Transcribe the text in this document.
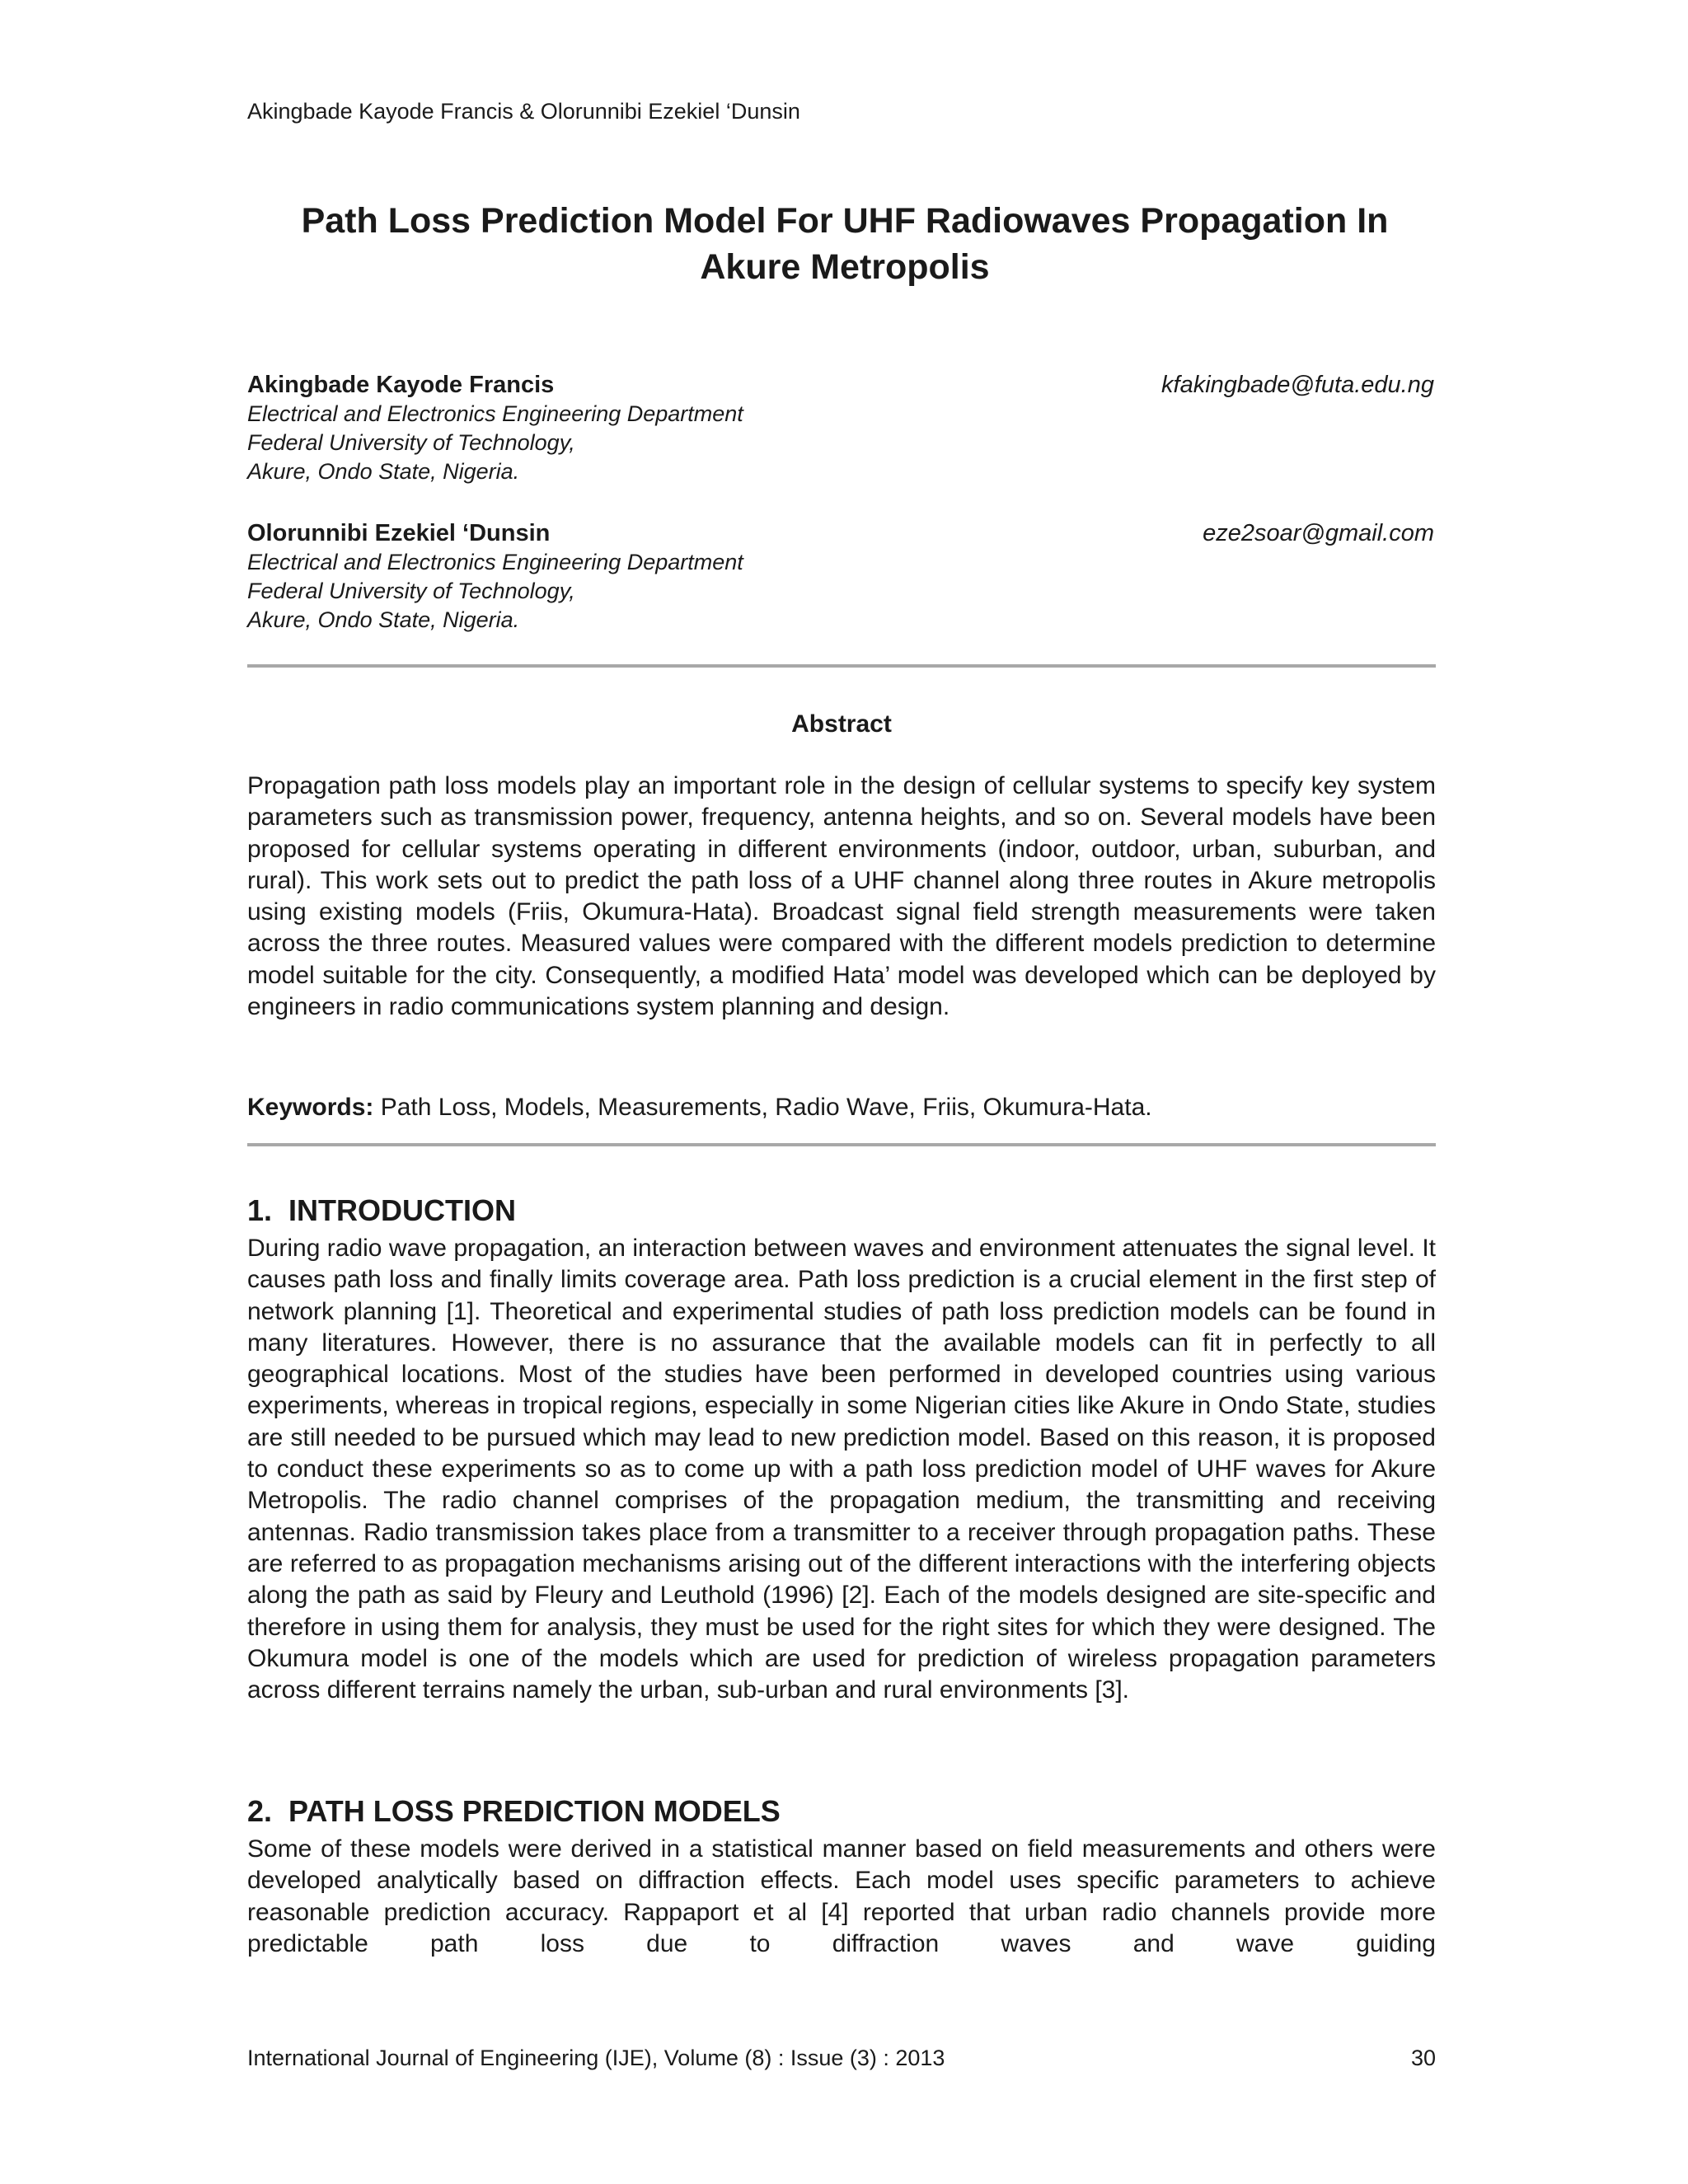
Akingbade Kayode Francis & Olorunnibi Ezekiel ‘Dunsin
Path Loss Prediction Model For UHF Radiowaves Propagation In
Akure Metropolis
Akingbade Kayode Francis
Electrical and Electronics Engineering Department
Federal University of Technology,
Akure, Ondo State, Nigeria.
kfakingbade@futa.edu.ng
Olorunnibi Ezekiel ‘Dunsin
Electrical and Electronics Engineering Department
Federal University of Technology,
Akure, Ondo State, Nigeria.
eze2soar@gmail.com
Abstract

Propagation path loss models play an important role in the design of cellular systems to specify key system parameters such as transmission power, frequency, antenna heights, and so on. Several models have been proposed for cellular systems operating in different environments (indoor, outdoor, urban, suburban, and rural). This work sets out to predict the path loss of a UHF channel along three routes in Akure metropolis using existing models (Friis, Okumura-Hata). Broadcast signal field strength measurements were taken across the three routes. Measured values were compared with the different models prediction to determine model suitable for the city. Consequently, a modified Hata’ model was developed which can be deployed by engineers in radio communications system planning and design.

Keywords: Path Loss, Models, Measurements, Radio Wave, Friis, Okumura-Hata.

1. INTRODUCTION

During radio wave propagation, an interaction between waves and environment attenuates the signal level. It causes path loss and finally limits coverage area. Path loss prediction is a crucial element in the first step of network planning [1]. Theoretical and experimental studies of path loss prediction models can be found in many literatures. However, there is no assurance that the available models can fit in perfectly to all geographical locations. Most of the studies have been performed in developed countries using various experiments, whereas in tropical regions, especially in some Nigerian cities like Akure in Ondo State, studies are still needed to be pursued which may lead to new prediction model. Based on this reason, it is proposed to conduct these experiments so as to come up with a path loss prediction model of UHF waves for Akure Metropolis. The radio channel comprises of the propagation medium, the transmitting and receiving antennas. Radio transmission takes place from a transmitter to a receiver through propagation paths. These are referred to as propagation mechanisms arising out of the different interactions with the interfering objects along the path as said by Fleury and Leuthold (1996) [2]. Each of the models designed are site-specific and therefore in using them for analysis, they must be used for the right sites for which they were designed. The Okumura model is one of the models which are used for prediction of wireless propagation parameters across different terrains namely the urban, sub-urban and rural environments [3].

2. PATH LOSS PREDICTION MODELS

Some of these models were derived in a statistical manner based on field measurements and others were developed analytically based on diffraction effects. Each model uses specific parameters to achieve reasonable prediction accuracy. Rappaport et al [4] reported that urban radio channels provide more predictable path loss due to diffraction waves and wave guiding

International Journal of Engineering (IJE), Volume (8) : Issue (3) : 2013	30
